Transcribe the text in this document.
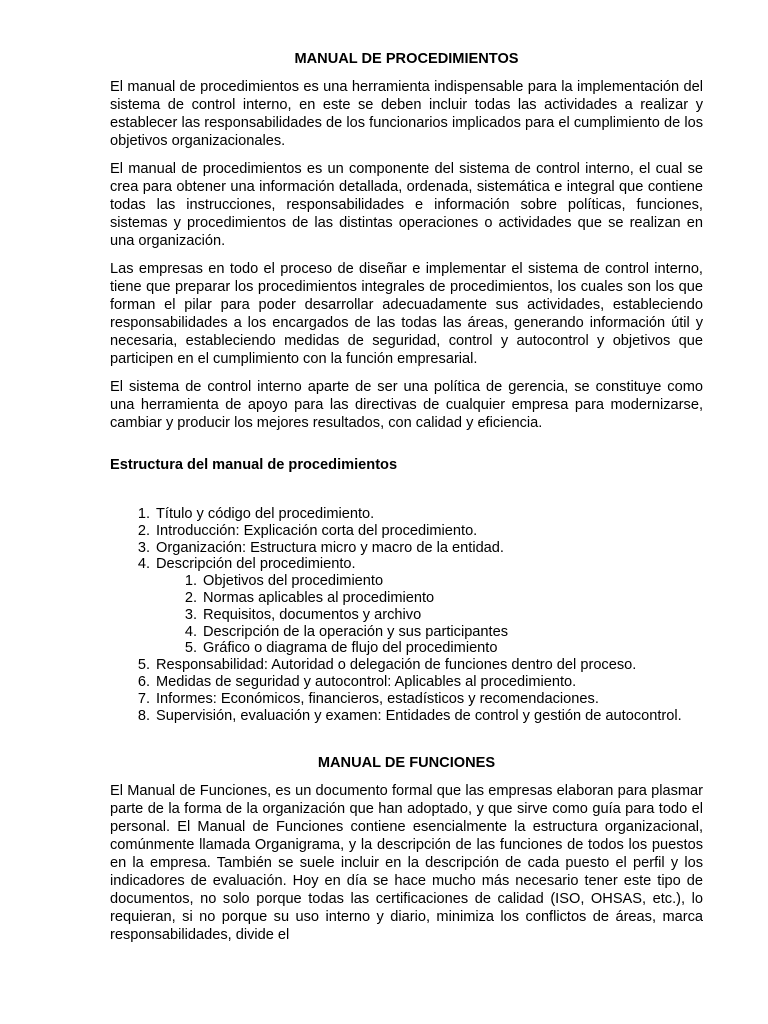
MANUAL DE PROCEDIMIENTOS

El manual de procedimientos es una herramienta indispensable para la implementación del sistema de control interno, en este se deben incluir todas las actividades a realizar y establecer las responsabilidades de los funcionarios implicados para el cumplimiento de los objetivos organizacionales.

El manual de procedimientos es un componente del sistema de control interno, el cual se crea para obtener una información detallada, ordenada, sistemática e integral que contiene todas las instrucciones, responsabilidades e información sobre políticas, funciones, sistemas y procedimientos de las distintas operaciones o actividades que se realizan en una organización.

Las empresas en todo el proceso de diseñar e implementar el sistema de control interno, tiene que preparar los procedimientos integrales de procedimientos, los cuales son los que forman el pilar para poder desarrollar adecuadamente sus actividades, estableciendo responsabilidades a los encargados de las todas las áreas, generando información útil y necesaria, estableciendo medidas de seguridad, control y autocontrol y objetivos que participen en el cumplimiento con la función empresarial.

El sistema de control interno aparte de ser una política de gerencia, se constituye como una herramienta de apoyo para las directivas de cualquier empresa para modernizarse, cambiar y producir los mejores resultados, con calidad y eficiencia.

Estructura del manual de procedimientos
1. Título y código del procedimiento.
2. Introducción: Explicación corta del procedimiento.
3. Organización: Estructura micro y macro de la entidad.
4. Descripción del procedimiento.
1. Objetivos del procedimiento
2. Normas aplicables al procedimiento
3. Requisitos, documentos y archivo
4. Descripción de la operación y sus participantes
5. Gráfico o diagrama de flujo del procedimiento
5. Responsabilidad: Autoridad o delegación de funciones dentro del proceso.
6. Medidas de seguridad y autocontrol: Aplicables al procedimiento.
7. Informes: Económicos, financieros, estadísticos y recomendaciones.
8. Supervisión, evaluación y examen: Entidades de control y gestión de autocontrol.
MANUAL DE FUNCIONES

El Manual de Funciones, es un documento formal que las empresas elaboran para plasmar parte de la forma de la organización que han adoptado, y que sirve como guía para todo el personal. El Manual de Funciones contiene esencialmente la estructura organizacional, comúnmente llamada Organigrama, y la descripción de las funciones de todos los puestos en la empresa. También se suele incluir en la descripción de cada puesto el perfil y los indicadores de evaluación. Hoy en día se hace mucho más necesario tener este tipo de documentos, no solo porque todas las certificaciones de calidad (ISO, OHSAS, etc.), lo requieran, si no porque su uso interno y diario, minimiza los conflictos de áreas, marca responsabilidades, divide el
